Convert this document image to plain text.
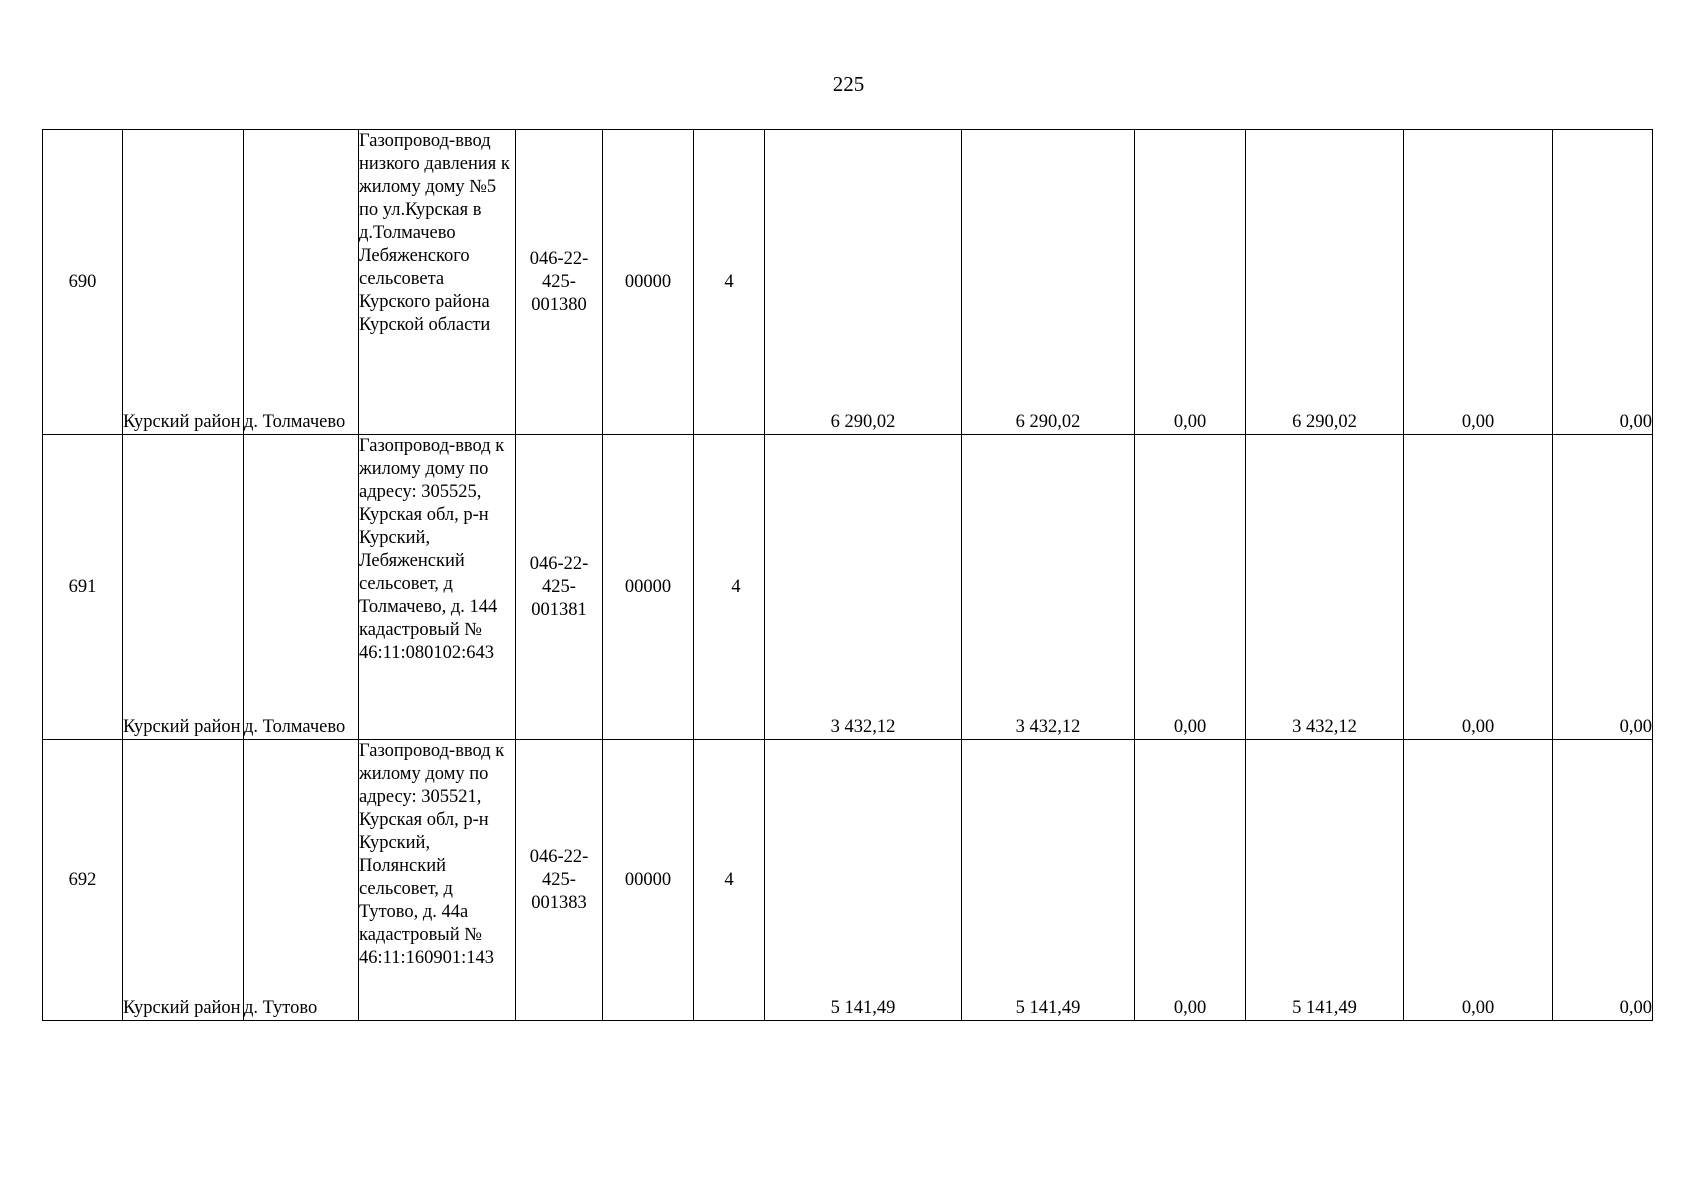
225
690	Курский район	д. Толмачево	Газопровод-ввод низкого давления к жилому дому №5 по ул.Курская в д.Толмачево Лебяженского сельсовета Курского района Курской области	046-22-425-001380	00000	4	6 290,02	6 290,02	0,00	6 290,02	0,00	0,00
691	Курский район	д. Толмачево	Газопровод-ввод к жилому дому по адресу: 305525, Курская обл, р-н Курский, Лебяженский сельсовет, д Толмачево, д. 144 кадастровый № 46:11:080102:643	046-22-425-001381	00000	4	3 432,12	3 432,12	0,00	3 432,12	0,00	0,00
692	Курский район	д. Тутово	Газопровод-ввод к жилому дому по адресу: 305521, Курская обл, р-н Курский, Полянский сельсовет, д Тутово, д. 44а кадастровый № 46:11:160901:143	046-22-425-001383	00000	4	5 141,49	5 141,49	0,00	5 141,49	0,00	0,00
